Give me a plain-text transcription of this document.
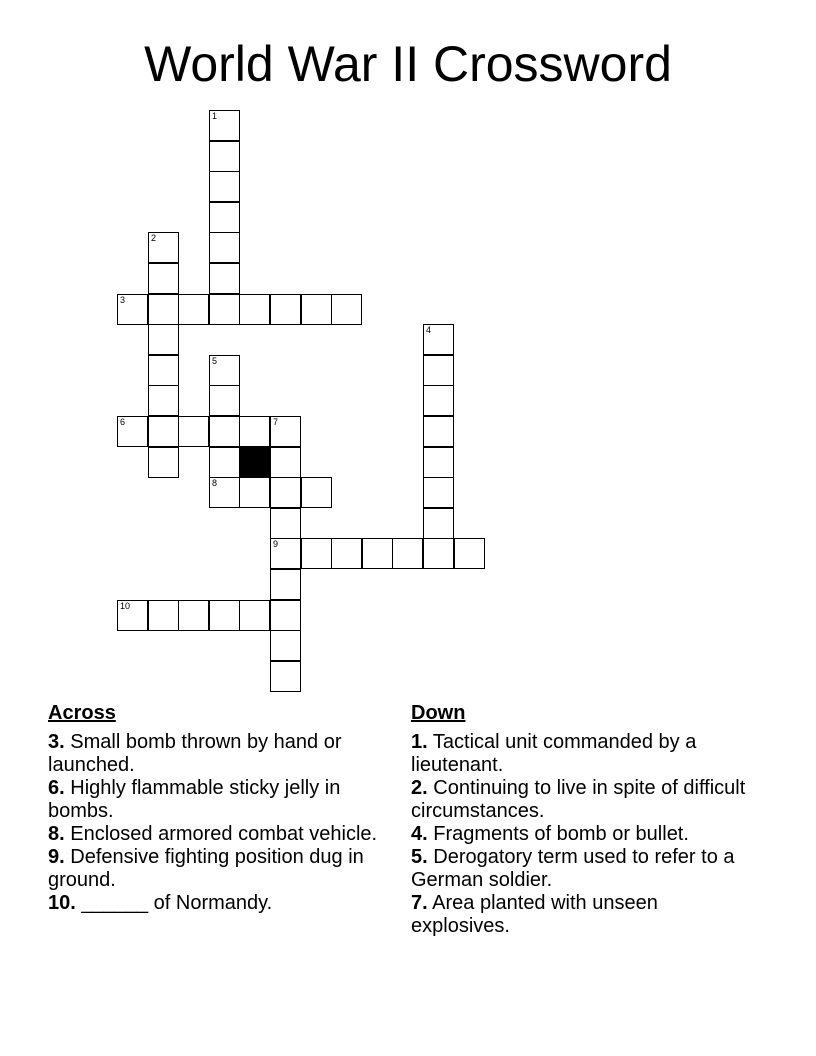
World War II Crossword
1
2
3
5
4
6	7
8
9
10
Across

3. Small bomb thrown by hand or launched.

6. Highly flammable sticky jelly in bombs.

8. Enclosed armored combat vehicle.

9. Defensive fighting position dug in ground.

10. ______ of Normandy.

Down

1. Tactical unit commanded by a lieutenant.

2. Continuing to live in spite of difficult circumstances.

4. Fragments of bomb or bullet.

5. Derogatory term used to refer to a German soldier.

7. Area planted with unseen explosives.
